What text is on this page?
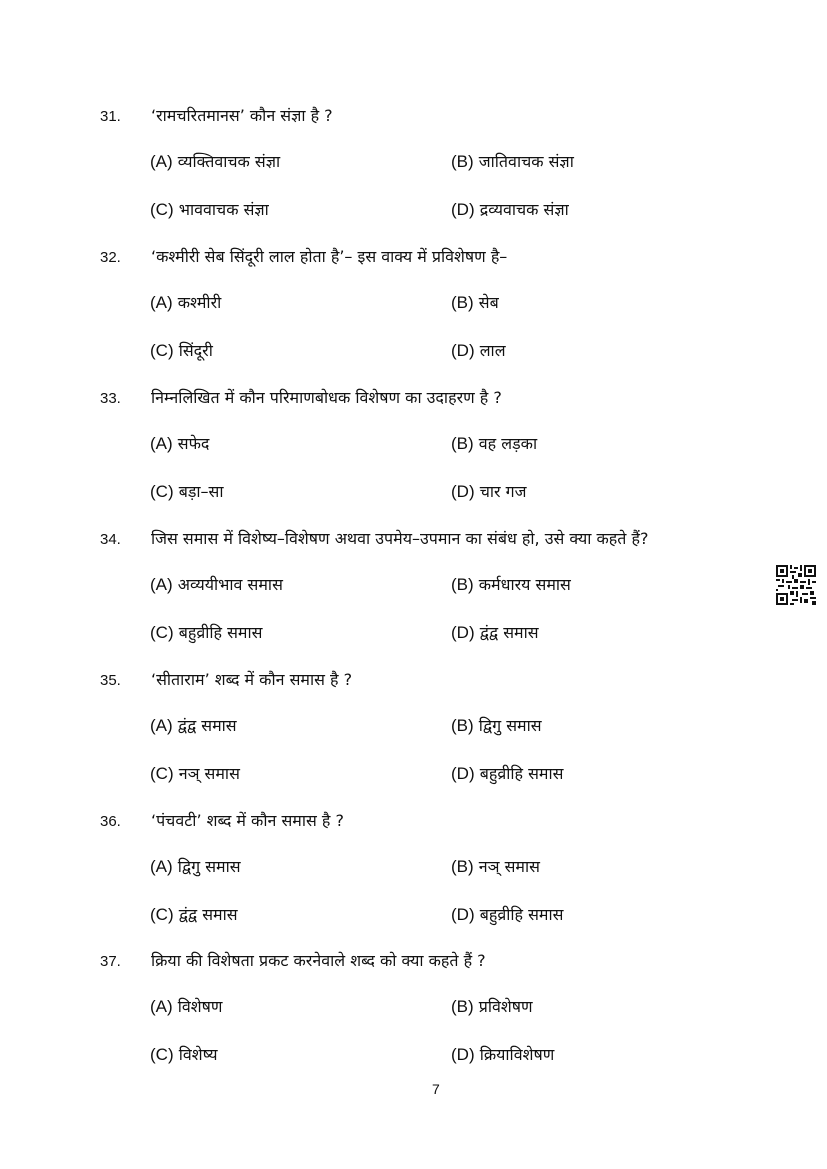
31. ‘रामचरितमानस’ कौन संज्ञा है ?
(A) व्यक्तिवाचक संज्ञा	(B) जातिवाचक संज्ञा
(C) भाववाचक संज्ञा	(D) द्रव्यवाचक संज्ञा
32. ‘कश्मीरी सेब सिंदूरी लाल होता है’– इस वाक्य में प्रविशेषण है–
(A) कश्मीरी	(B) सेब
(C) सिंदूरी	(D) लाल
33. निम्नलिखित में कौन परिमाणबोधक विशेषण का उदाहरण है ?
(A) सफेद	(B) वह लड़का
(C) बड़ा–सा	(D) चार गज
34. जिस समास में विशेष्य–विशेषण अथवा उपमेय–उपमान का संबंध हो, उसे क्या कहते हैं?
(A) अव्ययीभाव समास	(B) कर्मधारय समास
(C) बहुव्रीहि समास	(D) द्वंद्व समास
35. ‘सीताराम’ शब्द में कौन समास है ?
(A) द्वंद्व समास	(B) द्विगु समास
(C) नञ् समास	(D) बहुव्रीहि समास
36. ‘पंचवटी’ शब्द में कौन समास है ?
(A) द्विगु समास	(B) नञ् समास
(C) द्वंद्व समास	(D) बहुव्रीहि समास
37. क्रिया की विशेषता प्रकट करनेवाले शब्द को क्या कहते हैं ?
(A) विशेषण	(B) प्रविशेषण
(C) विशेष्य	(D) क्रियाविशेषण
7
